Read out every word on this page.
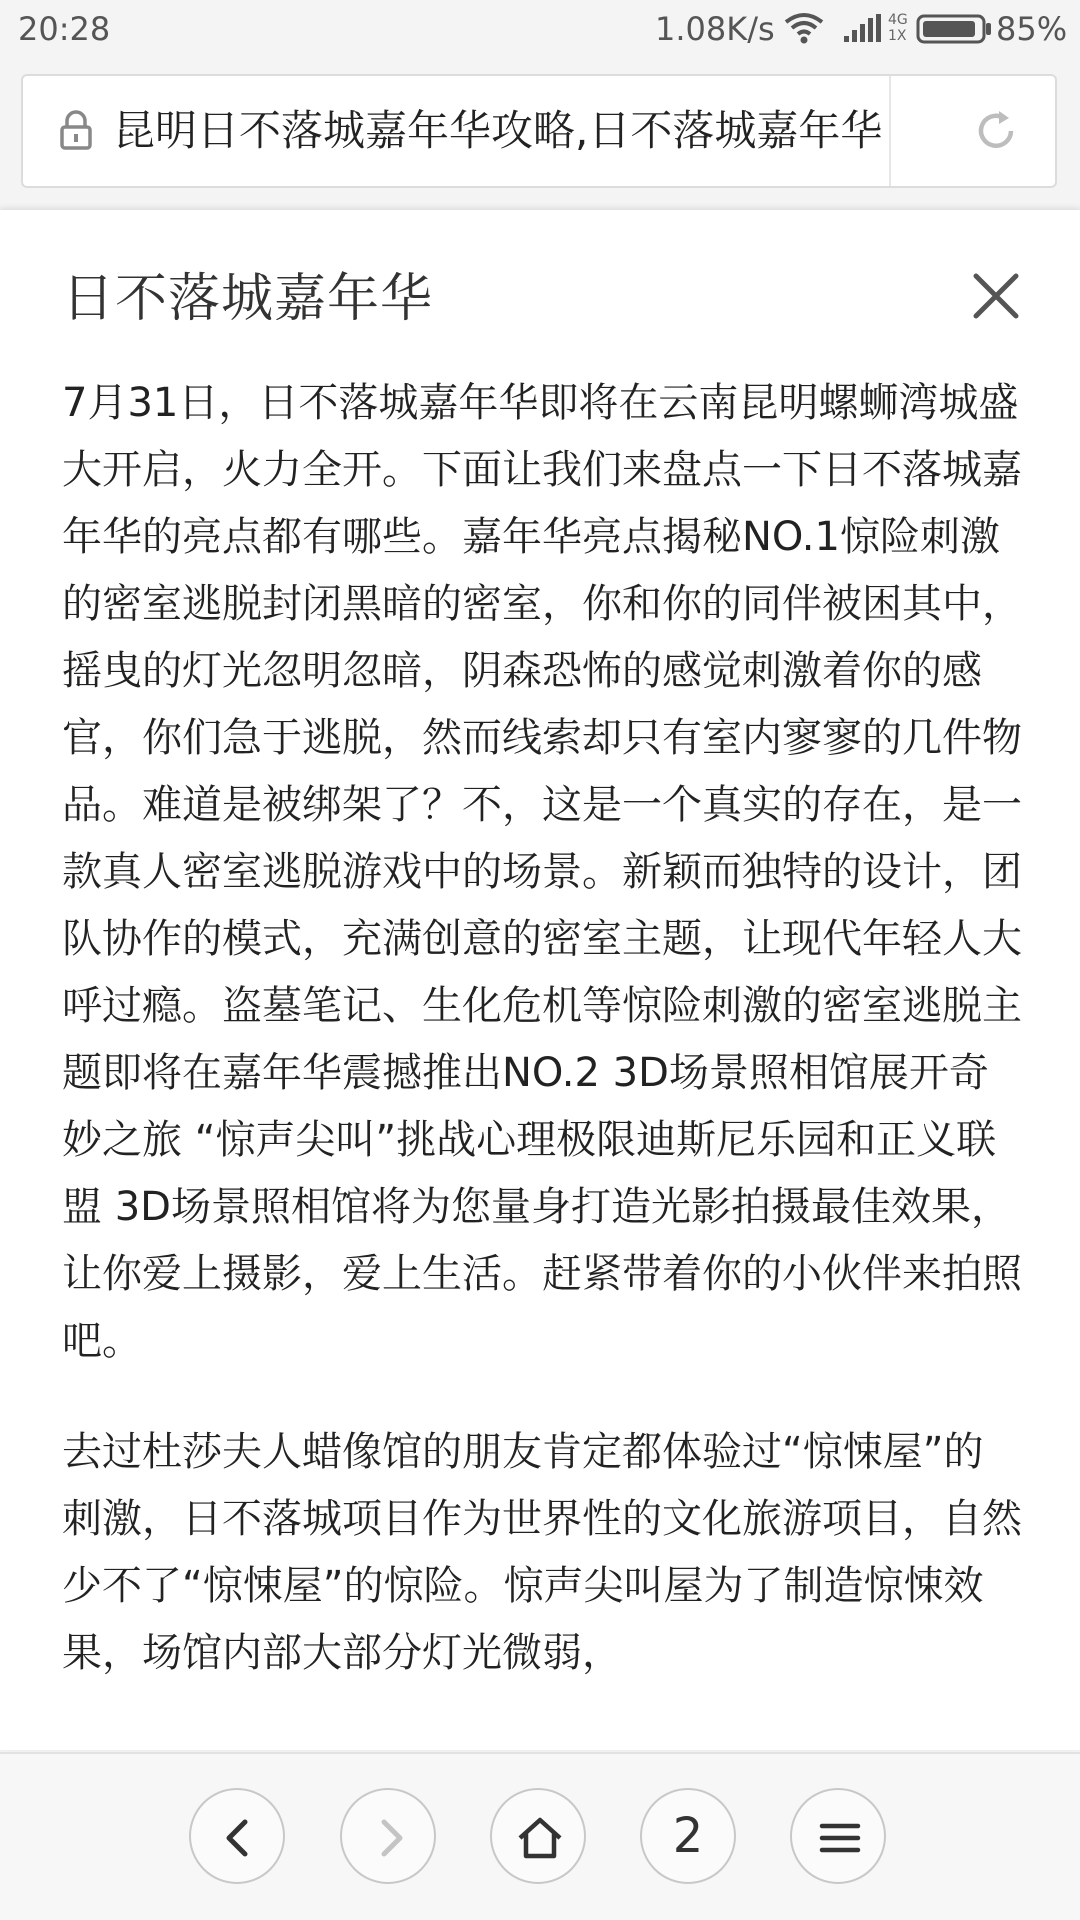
20:28	1.08K/s	4G
1X	85%
昆明日不落城嘉年华攻略,日不落城嘉年华
日不落城嘉年华

7月31日，日不落城嘉年华即将在云南昆明螺蛳湾城盛大开启，火力全开。下面让我们来盘点一下日不落城嘉年华的亮点都有哪些。嘉年华亮点揭秘NO.1惊险刺激的密室逃脱封闭黑暗的密室，你和你的同伴被困其中，摇曳的灯光忽明忽暗，阴森恐怖的感觉刺激着你的感官，你们急于逃脱，然而线索却只有室内寥寥的几件物品。难道是被绑架了？不，这是一个真实的存在，是一款真人密室逃脱游戏中的场景。新颖而独特的设计，团队协作的模式，充满创意的密室主题，让现代年轻人大呼过瘾。盗墓笔记、生化危机等惊险刺激的密室逃脱主题即将在嘉年华震撼推出NO.2 3D场景照相馆展开奇妙之旅 “惊声尖叫”挑战心理极限迪斯尼乐园和正义联盟 3D场景照相馆将为您量身打造光影拍摄最佳效果，让你爱上摄影，爱上生活。赶紧带着你的小伙伴来拍照吧。

去过杜莎夫人蜡像馆的朋友肯定都体验过“惊悚屋”的刺激，日不落城项目作为世界性的文化旅游项目，自然少不了“惊悚屋”的惊险。惊声尖叫屋为了制造惊悚效果，场馆内部大部分灯光微弱，

2
